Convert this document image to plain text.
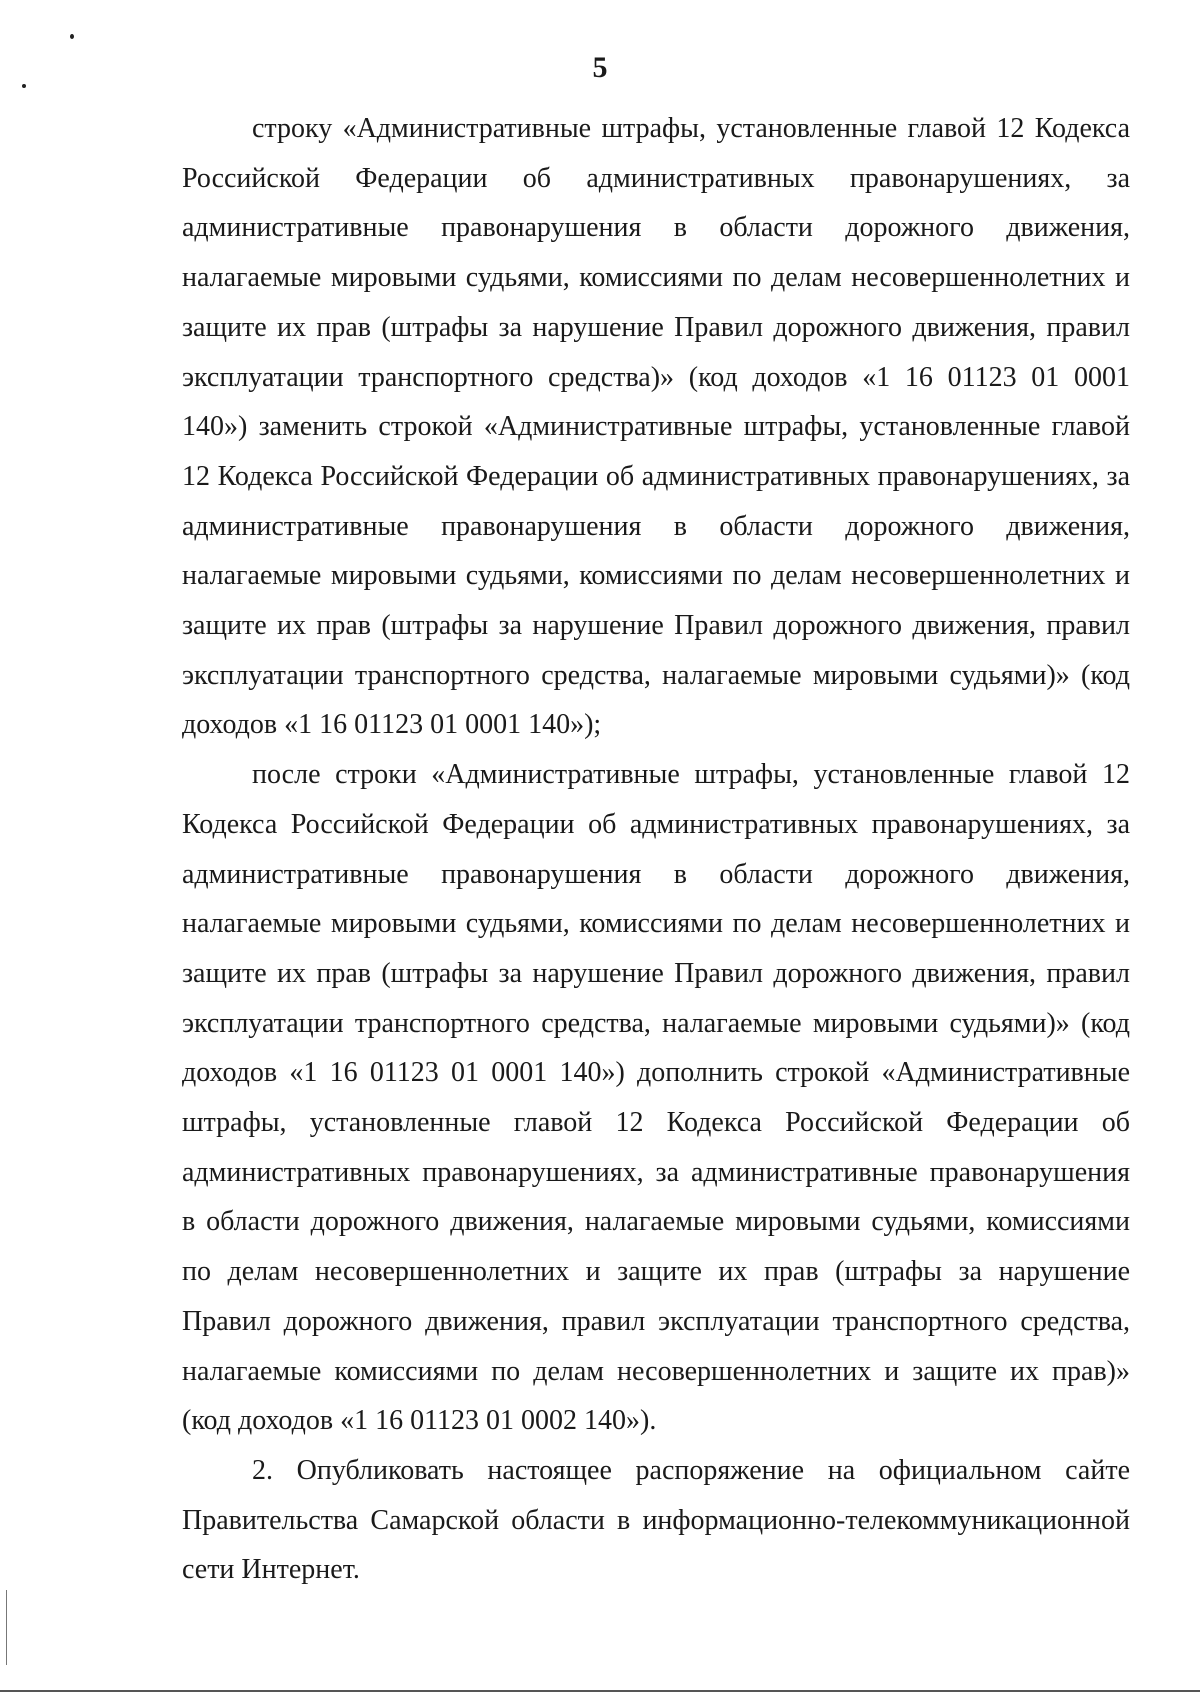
5

строку «Административные штрафы, установленные главой 12 Кодекса Российской Федерации об административных правонарушениях, за административные правонарушения в области дорожного движения, налагаемые мировыми судьями, комиссиями по делам несовершеннолетних и защите их прав (штрафы за нарушение Правил дорожного движения, правил эксплуатации транспортного средства)» (код доходов «1 16 01123 01 0001 140») заменить строкой «Административные штрафы, установленные главой 12 Кодекса Российской Федерации об административных правонарушениях, за административные правонарушения в области дорожного движения, налагаемые мировыми судьями, комиссиями по делам несовершеннолетних и защите их прав (штрафы за нарушение Правил дорожного движения, правил эксплуатации транспортного средства, налагаемые мировыми судьями)» (код доходов «1 16 01123 01 0001 140»);

после строки «Административные штрафы, установленные главой 12 Кодекса Российской Федерации об административных правонарушениях, за административные правонарушения в области дорожного движения, налагаемые мировыми судьями, комиссиями по делам несовершеннолетних и защите их прав (штрафы за нарушение Правил дорожного движения, правил эксплуатации транспортного средства, налагаемые мировыми судьями)» (код доходов «1 16 01123 01 0001 140») дополнить строкой «Административные штрафы, установленные главой 12 Кодекса Российской Федерации об административных правонарушениях, за административные правонарушения в области дорожного движения, налагаемые мировыми судьями, комиссиями по делам несовершеннолетних и защите их прав (штрафы за нарушение Правил дорожного движения, правил эксплуатации транспортного средства, налагаемые комиссиями по делам несовершеннолетних и защите их прав)» (код доходов «1 16 01123 01 0002 140»).

2. Опубликовать настоящее распоряжение на официальном сайте Правительства Самарской области в информационно-телекоммуникационной сети Интернет.
